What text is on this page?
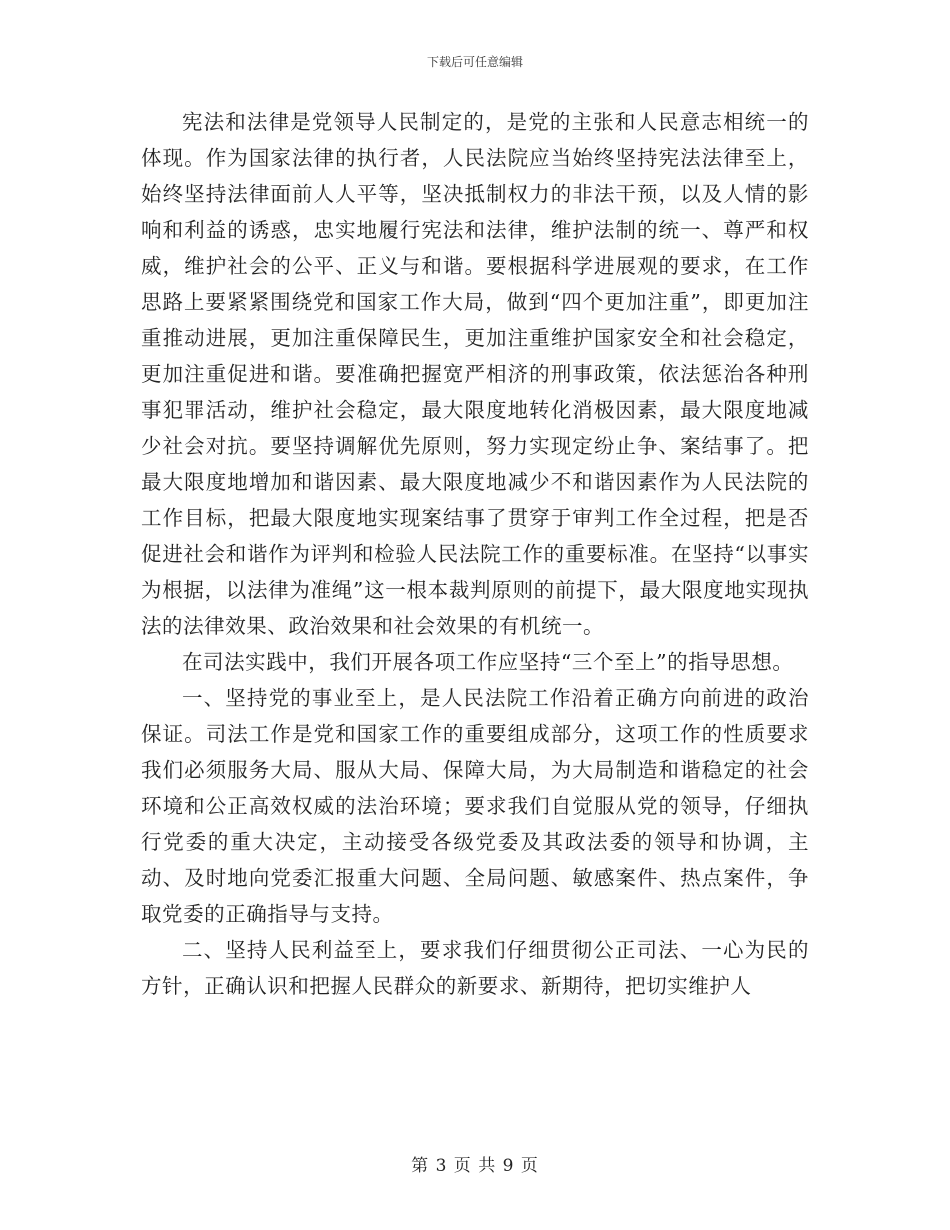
下载后可任意编辑

宪法和法律是党领导人民制定的，是党的主张和人民意志相统一的体现。作为国家法律的执行者，人民法院应当始终坚持宪法法律至上，始终坚持法律面前人人平等，坚决抵制权力的非法干预，以及人情的影响和利益的诱惑，忠实地履行宪法和法律，维护法制的统一、尊严和权威，维护社会的公平、正义与和谐。要根据科学进展观的要求，在工作思路上要紧紧围绕党和国家工作大局，做到“四个更加注重”，即更加注重推动进展，更加注重保障民生，更加注重维护国家安全和社会稳定，更加注重促进和谐。要准确把握宽严相济的刑事政策，依法惩治各种刑事犯罪活动，维护社会稳定，最大限度地转化消极因素，最大限度地减少社会对抗。要坚持调解优先原则，努力实现定纷止争、案结事了。把最大限度地增加和谐因素、最大限度地减少不和谐因素作为人民法院的工作目标，把最大限度地实现案结事了贯穿于审判工作全过程，把是否促进社会和谐作为评判和检验人民法院工作的重要标准。在坚持“以事实为根据，以法律为准绳”这一根本裁判原则的前提下，最大限度地实现执法的法律效果、政治效果和社会效果的有机统一。

在司法实践中，我们开展各项工作应坚持“三个至上”的指导思想。

一、坚持党的事业至上，是人民法院工作沿着正确方向前进的政治保证。司法工作是党和国家工作的重要组成部分，这项工作的性质要求我们必须服务大局、服从大局、保障大局，为大局制造和谐稳定的社会环境和公正高效权威的法治环境；要求我们自觉服从党的领导，仔细执行党委的重大决定，主动接受各级党委及其政法委的领导和协调，主动、及时地向党委汇报重大问题、全局问题、敏感案件、热点案件，争取党委的正确指导与支持。

二、坚持人民利益至上，要求我们仔细贯彻公正司法、一心为民的方针，正确认识和把握人民群众的新要求、新期待，把切实维护人

第 3 页 共 9 页
